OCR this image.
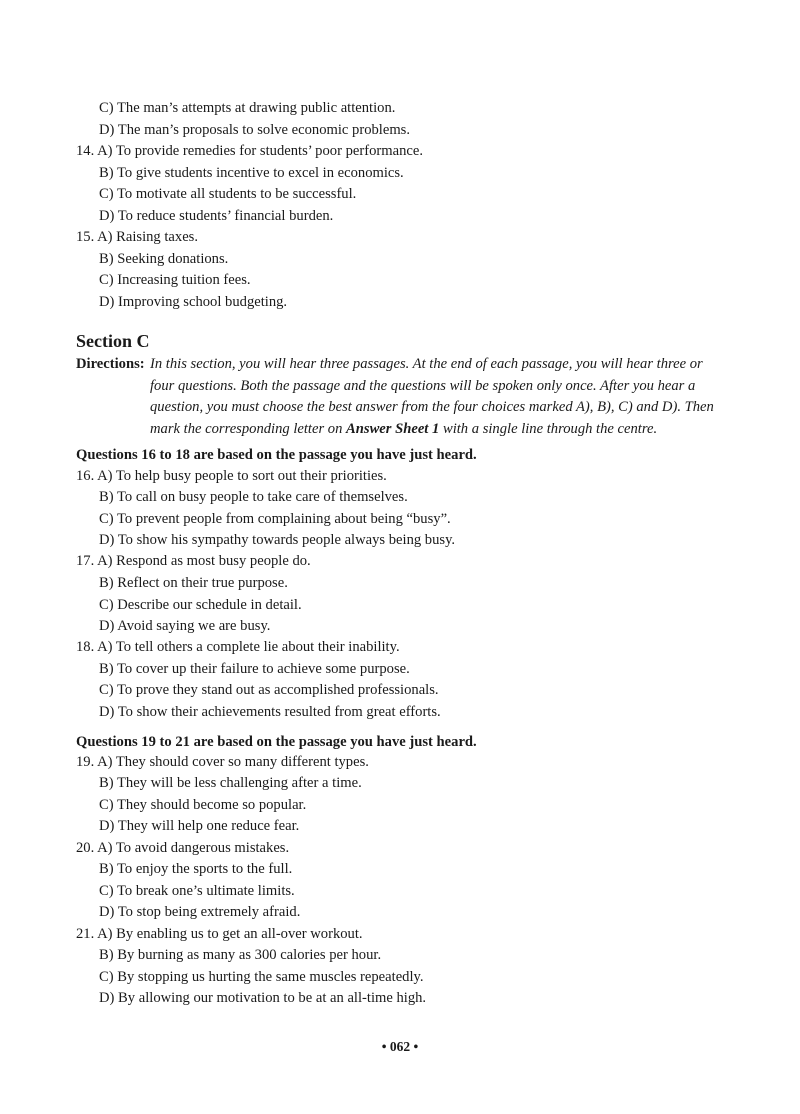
C) The man’s attempts at drawing public attention.
D) The man’s proposals to solve economic problems.
14. A) To provide remedies for students’ poor performance.
B) To give students incentive to excel in economics.
C) To motivate all students to be successful.
D) To reduce students’ financial burden.
15. A) Raising taxes.
B) Seeking donations.
C) Increasing tuition fees.
D) Improving school budgeting.
Section C
Directions: In this section, you will hear three passages. At the end of each passage, you will hear three or
four questions. Both the passage and the questions will be spoken only once. After you hear a
question, you must choose the best answer from the four choices marked A), B), C) and D). Then
mark the corresponding letter on Answer Sheet 1 with a single line through the centre.
Questions 16 to 18 are based on the passage you have just heard.
16. A) To help busy people to sort out their priorities.
B) To call on busy people to take care of themselves.
C) To prevent people from complaining about being “busy”.
D) To show his sympathy towards people always being busy.
17. A) Respond as most busy people do.
B) Reflect on their true purpose.
C) Describe our schedule in detail.
D) Avoid saying we are busy.
18. A) To tell others a complete lie about their inability.
B) To cover up their failure to achieve some purpose.
C) To prove they stand out as accomplished professionals.
D) To show their achievements resulted from great efforts.
Questions 19 to 21 are based on the passage you have just heard.
19. A) They should cover so many different types.
B) They will be less challenging after a time.
C) They should become so popular.
D) They will help one reduce fear.
20. A) To avoid dangerous mistakes.
B) To enjoy the sports to the full.
C) To break one’s ultimate limits.
D) To stop being extremely afraid.
21. A) By enabling us to get an all-over workout.
B) By burning as many as 300 calories per hour.
C) By stopping us hurting the same muscles repeatedly.
D) By allowing our motivation to be at an all-time high.
• 062 •
